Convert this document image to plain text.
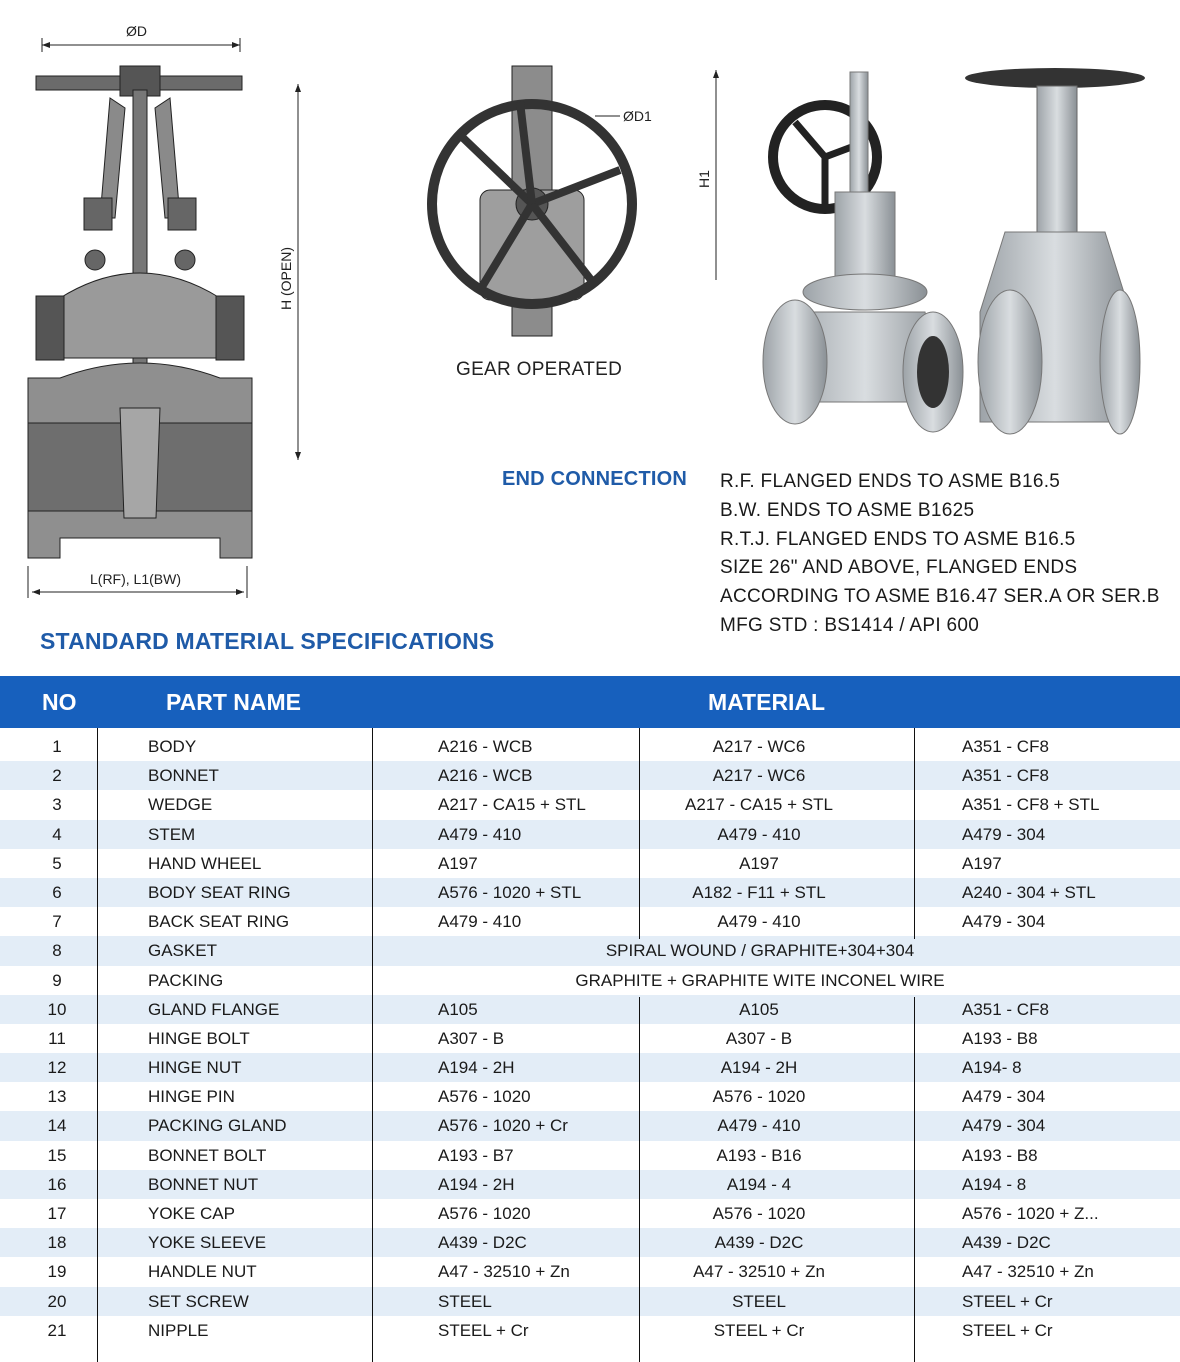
ØD
H (OPEN)
L(RF), L1(BW)
ØD1
H1
GEAR OPERATED
END CONNECTION R.F. FLANGED ENDS TO ASME B16.5
B.W. ENDS TO ASME B1625
R.T.J. FLANGED ENDS TO ASME B16.5
SIZE 26" AND ABOVE, FLANGED ENDS
ACCORDING TO ASME B16.47 SER.A OR SER.B
MFG STD : BS1414 / API 600
STANDARD MATERIAL SPECIFICATIONS
NO	PART NAME	MATERIAL
1	BODY	A216 - WCB	A217 - WC6	A351 - CF8
2	BONNET	A216 - WCB	A217 - WC6	A351 - CF8
3	WEDGE	A217 - CA15 + STL	A217 - CA15 + STL	A351 - CF8 + STL
4	STEM	A479 - 410	A479 - 410	A479 - 304
5	HAND WHEEL	A197	A197	A197
6	BODY SEAT RING	A576 - 1020 + STL	A182 - F11 + STL	A240 - 304 + STL
7	BACK SEAT RING	A479 - 410	A479 - 410	A479 - 304
8	GASKET	SPIRAL WOUND / GRAPHITE+304+304
9	PACKING	GRAPHITE + GRAPHITE WITE INCONEL WIRE
10	GLAND FLANGE	A105	A105	A351 - CF8
11	HINGE BOLT	A307 - B	A307 - B	A193 - B8
12	HINGE NUT	A194 - 2H	A194 - 2H	A194- 8
13	HINGE PIN	A576 - 1020	A576 - 1020	A479 - 304
14	PACKING GLAND	A576 - 1020 + Cr	A479 - 410	A479 - 304
15	BONNET BOLT	A193 - B7	A193 - B16	A193 - B8
16	BONNET NUT	A194 - 2H	A194 - 4	A194 - 8
17	YOKE CAP	A576 - 1020	A576 - 1020	A576 - 1020 + Z...
18	YOKE SLEEVE	A439 - D2C	A439 - D2C	A439 - D2C
19	HANDLE NUT	A47 - 32510 + Zn	A47 - 32510 + Zn	A47 - 32510 + Zn
20	SET SCREW	STEEL	STEEL	STEEL + Cr
21	NIPPLE	STEEL + Cr	STEEL + Cr	STEEL + Cr
